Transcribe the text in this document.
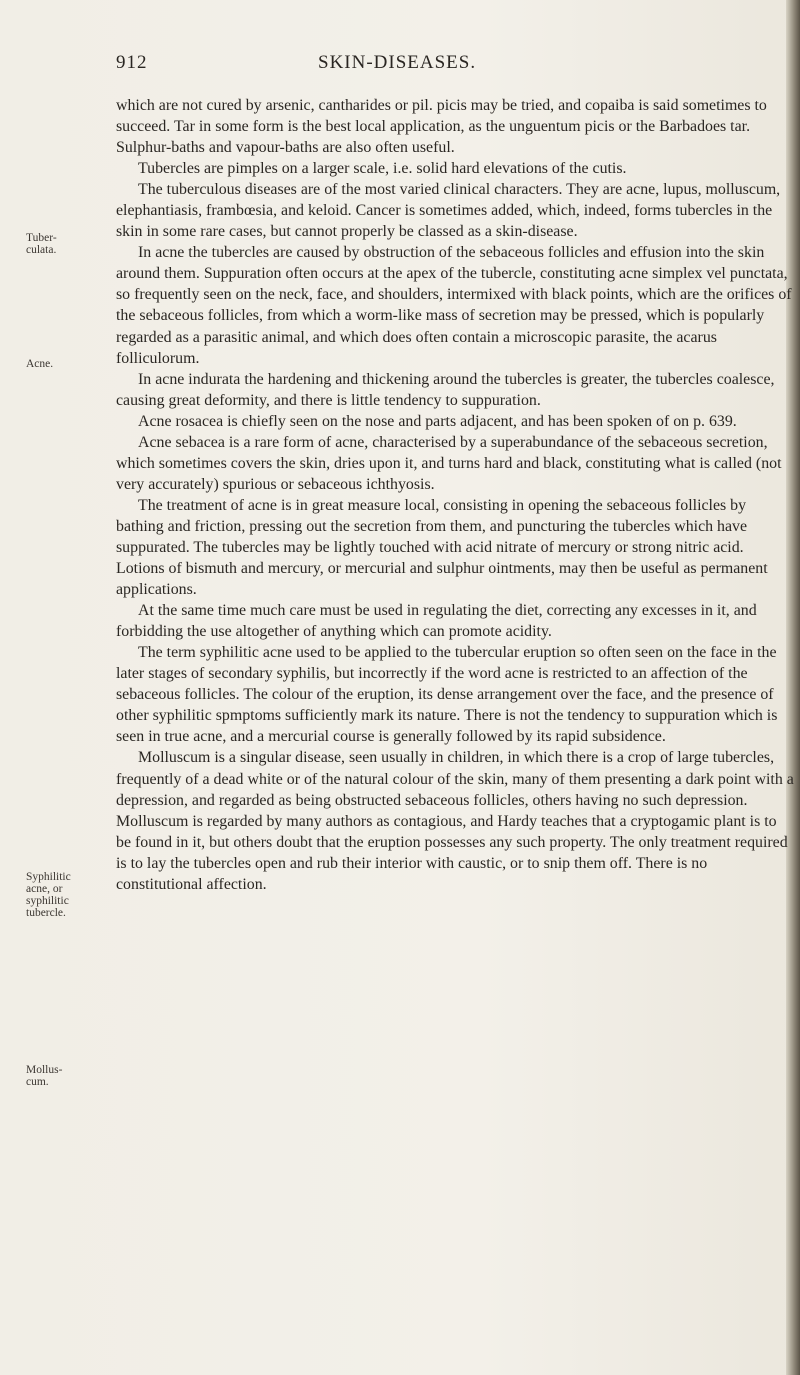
912	SKIN-DISEASES.
Tuber-
culata.
Acne.
Syphilitic
acne, or
syphilitic
tubercle.
Mollus-
cum.

which are not cured by arsenic, cantharides or pil. picis may be tried, and copaiba is said sometimes to succeed. Tar in some form is the best local application, as the unguentum picis or the Barbadoes tar. Sulphur-baths and vapour-baths are also often useful.

Tubercles are pimples on a larger scale, i.e. solid hard elevations of the cutis.

The tuberculous diseases are of the most varied clinical characters. They are acne, lupus, molluscum, elephantiasis, frambœsia, and keloid. Cancer is sometimes added, which, indeed, forms tubercles in the skin in some rare cases, but cannot properly be classed as a skin-disease.

In acne the tubercles are caused by obstruction of the sebaceous follicles and effusion into the skin around them. Suppuration often occurs at the apex of the tubercle, constituting acne simplex vel punctata, so frequently seen on the neck, face, and shoulders, intermixed with black points, which are the orifices of the sebaceous follicles, from which a worm-like mass of secretion may be pressed, which is popularly regarded as a parasitic animal, and which does often contain a microscopic parasite, the acarus folliculorum.

In acne indurata the hardening and thickening around the tubercles is greater, the tubercles coalesce, causing great deformity, and there is little tendency to suppuration.

Acne rosacea is chiefly seen on the nose and parts adjacent, and has been spoken of on p. 639.

Acne sebacea is a rare form of acne, characterised by a superabundance of the sebaceous secretion, which sometimes covers the skin, dries upon it, and turns hard and black, constituting what is called (not very accurately) spurious or sebaceous ichthyosis.

The treatment of acne is in great measure local, consisting in opening the sebaceous follicles by bathing and friction, pressing out the secretion from them, and puncturing the tubercles which have suppurated. The tubercles may be lightly touched with acid nitrate of mercury or strong nitric acid. Lotions of bismuth and mercury, or mercurial and sulphur ointments, may then be useful as permanent applications.

At the same time much care must be used in regulating the diet, correcting any excesses in it, and forbidding the use altogether of anything which can promote acidity.

The term syphilitic acne used to be applied to the tubercular eruption so often seen on the face in the later stages of secondary syphilis, but incorrectly if the word acne is restricted to an affection of the sebaceous follicles. The colour of the eruption, its dense arrangement over the face, and the presence of other syphilitic spmptoms sufficiently mark its nature. There is not the tendency to suppuration which is seen in true acne, and a mercurial course is generally followed by its rapid subsidence.

Molluscum is a singular disease, seen usually in children, in which there is a crop of large tubercles, frequently of a dead white or of the natural colour of the skin, many of them presenting a dark point with a depression, and regarded as being obstructed sebaceous follicles, others having no such depression. Molluscum is regarded by many authors as contagious, and Hardy teaches that a cryptogamic plant is to be found in it, but others doubt that the eruption possesses any such property. The only treatment required is to lay the tubercles open and rub their interior with caustic, or to snip them off. There is no constitutional affection.
